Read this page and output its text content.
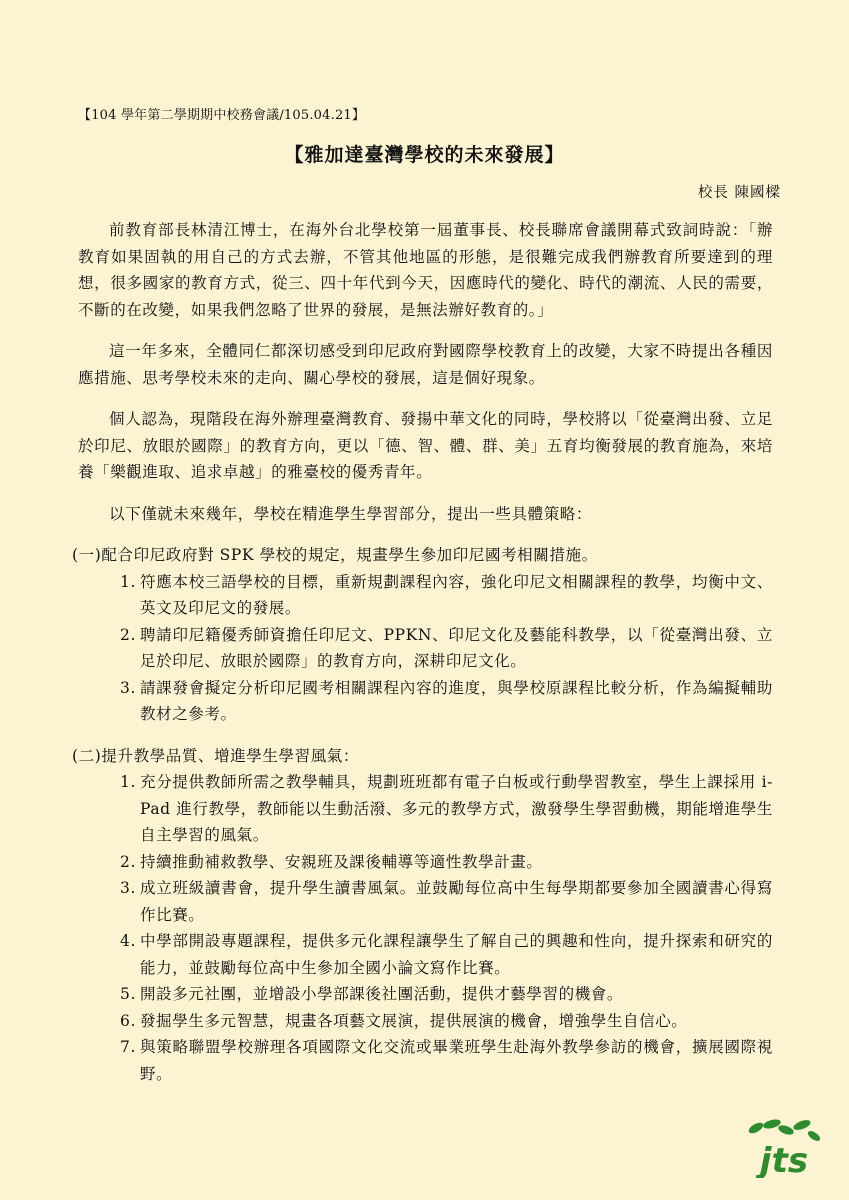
【104 學年第二學期期中校務會議/105.04.21】
【雅加達臺灣學校的未來發展】
校長 陳國樑

前教育部長林清江博士，在海外台北學校第一屆董事長、校長聯席會議開幕式致詞時說：「辦教育如果固執的用自己的方式去辦，不管其他地區的形態，是很難完成我們辦教育所要達到的理想，很多國家的教育方式，從三、四十年代到今天，因應時代的變化、時代的潮流、人民的需要，不斷的在改變，如果我們忽略了世界的發展，是無法辦好教育的。」

這一年多來，全體同仁都深切感受到印尼政府對國際學校教育上的改變，大家不時提出各種因應措施、思考學校未來的走向、關心學校的發展，這是個好現象。

個人認為，現階段在海外辦理臺灣教育、發揚中華文化的同時，學校將以「從臺灣出發、立足於印尼、放眼於國際」的教育方向，更以「德、智、體、群、美」五育均衡發展的教育施為，來培養「樂觀進取、追求卓越」的雅臺校的優秀青年。

以下僅就未來幾年，學校在精進學生學習部分，提出一些具體策略：

(一)配合印尼政府對 SPK 學校的規定，規畫學生參加印尼國考相關措施。

1. 符應本校三語學校的目標，重新規劃課程內容，強化印尼文相關課程的教學，均衡中文、英文及印尼文的發展。
2. 聘請印尼籍優秀師資擔任印尼文、PPKN、印尼文化及藝能科教學，以「從臺灣出發、立足於印尼、放眼於國際」的教育方向，深耕印尼文化。
3. 請課發會擬定分析印尼國考相關課程內容的進度，與學校原課程比較分析，作為編擬輔助教材之參考。

(二)提升教學品質、增進學生學習風氣：

1. 充分提供教師所需之教學輔具，規劃班班都有電子白板或行動學習教室，學生上課採用 i-Pad 進行教學，教師能以生動活潑、多元的教學方式，激發學生學習動機，期能增進學生自主學習的風氣。
2. 持續推動補救教學、安親班及課後輔導等適性教學計畫。
3. 成立班級讀書會，提升學生讀書風氣。並鼓勵每位高中生每學期都要參加全國讀書心得寫作比賽。
4. 中學部開設專題課程，提供多元化課程讓學生了解自己的興趣和性向，提升探索和研究的能力，並鼓勵每位高中生參加全國小論文寫作比賽。
5. 開設多元社團，並增設小學部課後社團活動，提供才藝學習的機會。
6. 發掘學生多元智慧，規畫各項藝文展演，提供展演的機會，增強學生自信心。
7. 與策略聯盟學校辦理各項國際文化交流或畢業班學生赴海外教學參訪的機會，擴展國際視野。
jts
